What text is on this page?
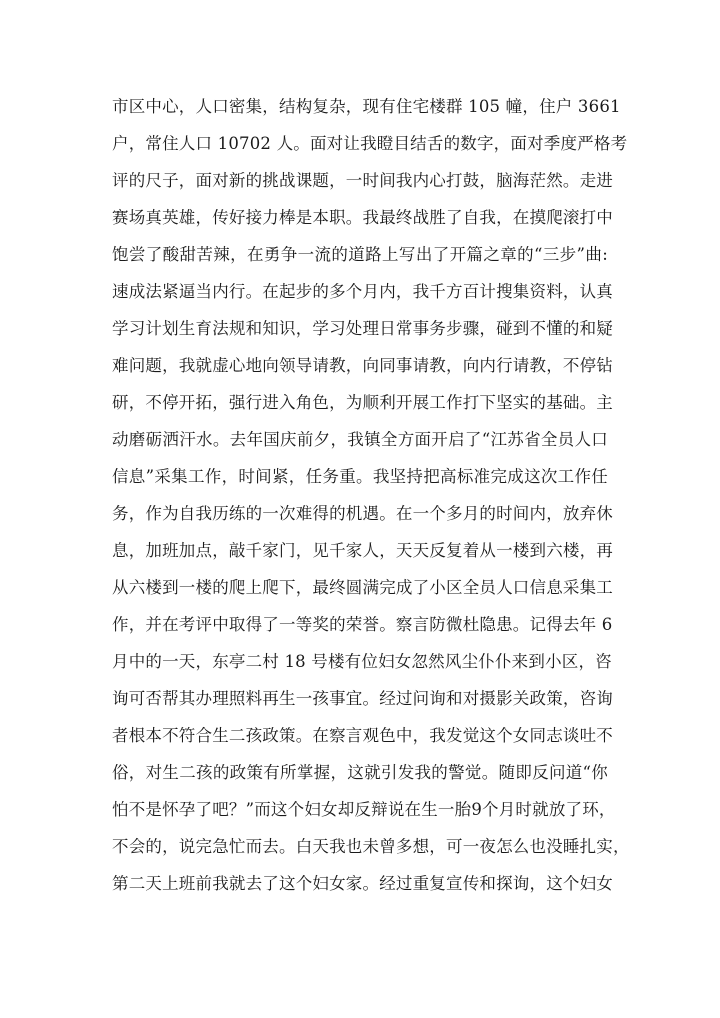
市区中心，人口密集，结构复杂，现有住宅楼群 105 幢，住户 3661
户，常住人口 10702 人。面对让我瞪目结舌的数字，面对季度严格考
评的尺子，面对新的挑战课题，一时间我内心打鼓，脑海茫然。走进
赛场真英雄，传好接力棒是本职。我最终战胜了自我，在摸爬滚打中
饱尝了酸甜苦辣，在勇争一流的道路上写出了开篇之章的“三步”曲:
速成法紧逼当内行。在起步的多个月内，我千方百计搜集资料，认真
学习计划生育法规和知识，学习处理日常事务步骤，碰到不懂的和疑
难问题，我就虚心地向领导请教，向同事请教，向内行请教，不停钻
研，不停开拓，强行进入角色，为顺利开展工作打下坚实的基础。主
动磨砺洒汗水。去年国庆前夕，我镇全方面开启了“江苏省全员人口
信息”采集工作，时间紧，任务重。我坚持把高标准完成这次工作任
务，作为自我历练的一次难得的机遇。在一个多月的时间内，放弃休
息，加班加点，敲千家门，见千家人，天天反复着从一楼到六楼，再
从六楼到一楼的爬上爬下，最终圆满完成了小区全员人口信息采集工
作，并在考评中取得了一等奖的荣誉。察言防微杜隐患。记得去年 6
月中的一天，东亭二村 18 号楼有位妇女忽然风尘仆仆来到小区，咨
询可否帮其办理照料再生一孩事宜。经过问询和对摄影关政策，咨询
者根本不符合生二孩政策。在察言观色中，我发觉这个女同志谈吐不
俗，对生二孩的政策有所掌握，这就引发我的警觉。随即反问道“你
怕不是怀孕了吧？”而这个妇女却反辩说在生一胎9个月时就放了环，
不会的，说完急忙而去。白天我也未曾多想，可一夜怎么也没睡扎实，
第二天上班前我就去了这个妇女家。经过重复宣传和探询，这个妇女
